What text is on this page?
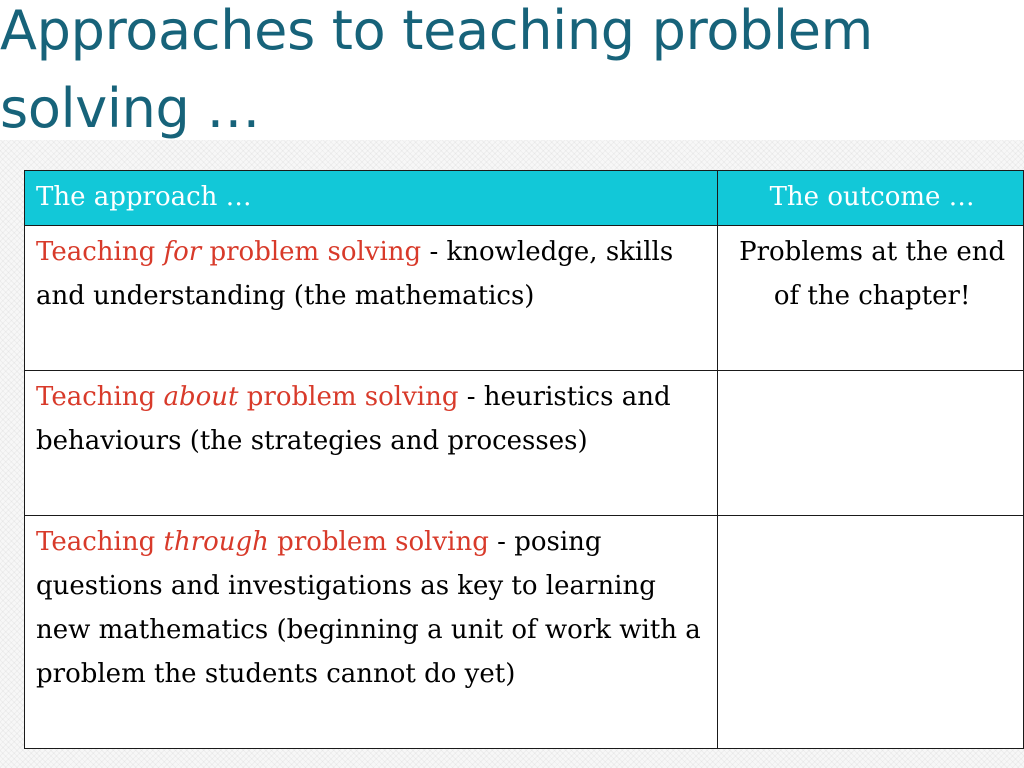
Approaches to teaching problem solving …
The approach …	The outcome …
Teaching for problem solving - knowledge, skills and understanding (the mathematics)	Problems at the end of the chapter!
Teaching about problem solving - heuristics and behaviours (the strategies and processes)	
Teaching through problem solving - posing questions and investigations as key to learning new mathematics (beginning a unit of work with a problem the students cannot do yet)	
